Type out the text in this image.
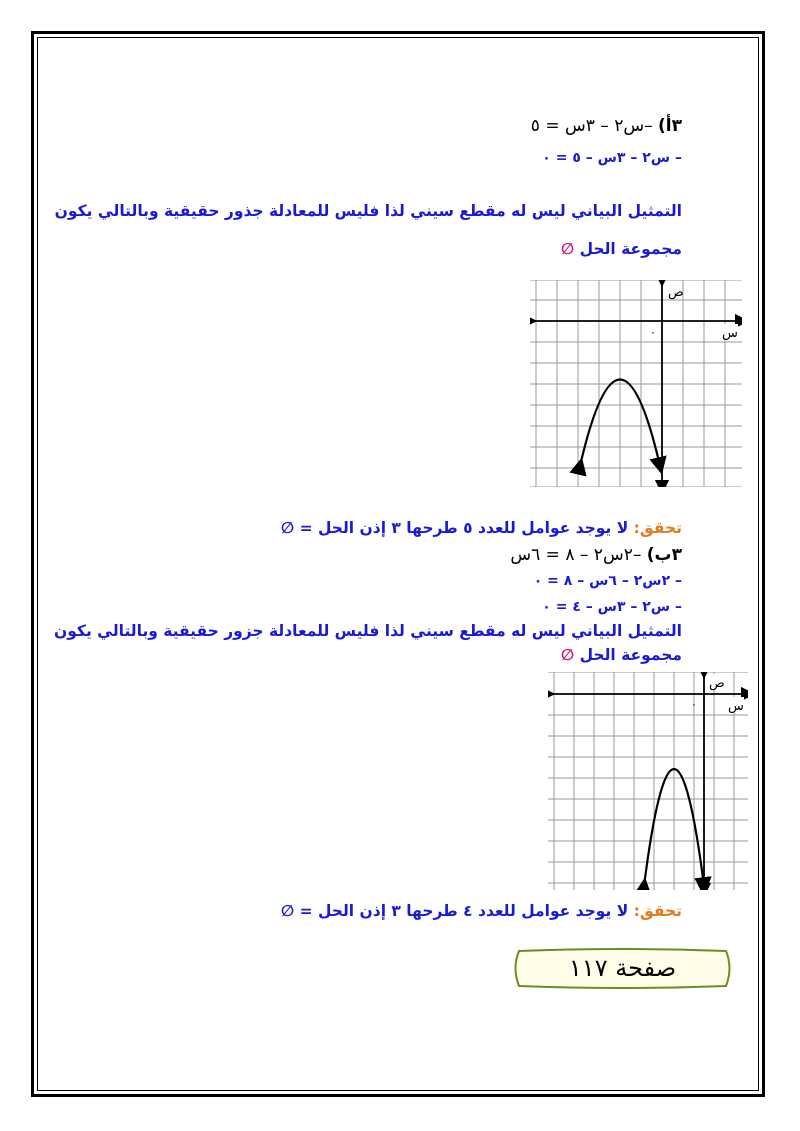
٣أ) –س٢ – ٣س = ٥
– س٢ – ٣س – ٥ = ٠
التمثيل البياني ليس له مقطع سيني لذا فليس للمعادلة جذور حقيقية وبالتالي يكون
مجموعة الحل ∅
ص
س
٠
تحقق: لا يوجد عوامل للعدد ٥ طرحها ٣ إذن الحل = ∅
٣ب) –٢س٢ – ٨ = ٦س
– ٢س٢ – ٦س – ٨ = ٠
– س٢ – ٣س – ٤ = ٠
التمثيل البياني ليس له مقطع سيني لذا فليس للمعادلة جزور حقيقية وبالتالي يكون
مجموعة الحل ∅
ص
س
٠
تحقق: لا يوجد عوامل للعدد ٤ طرحها ٣ إذن الحل = ∅
صفحة ١١٧
